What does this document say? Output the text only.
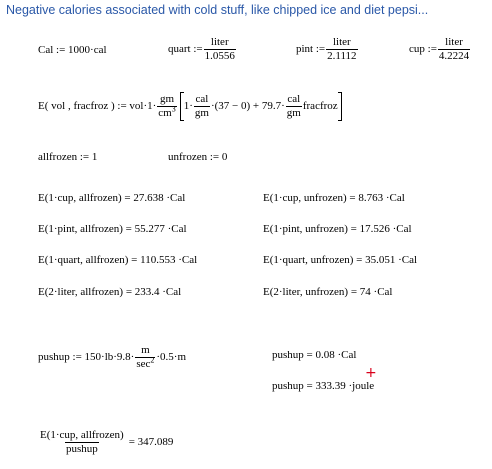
Negative calories associated with cold stuff, like chipped ice and diet pepsi...
Cal := 1000·cal	quart := $\frac{\text{liter}}{1.0556}$	pint := $\frac{\text{liter}}{2.1112}$	cup := $\frac{\text{liter}}{4.2224}$
E( vol , fracfroz ) := $vol\cdot 1\cdot \frac{gm}{cm^3} 1\cdot \frac{\text{cal}}{gm} \cdot(37 - 0) + 79.7\cdot \frac{\text{cal}}{gm}$ fracfroz
allfrozen := 1	unfrozen := 0
E(1·cup, allfrozen) = 27.638 ·Cal	E(1·cup, unfrozen) = 8.763 ·Cal
E(1·pint, allfrozen) = 55.277 ·Cal	E(1·pint, unfrozen) = 17.526 ·Cal
E(1·quart, allfrozen) = 110.553 ·Cal	E(1·quart, unfrozen) = 35.051 ·Cal
E(2·liter, allfrozen) = 233.4 ·Cal	E(2·liter, unfrozen) = 74 ·Cal
pushup := $150\cdot lb\cdot 9.8\cdot \frac{m}{\sec^2} \cdot 0.5\cdot m$	pushup = 0.08 ·Cal
pushup = 333.39 ·joule
+
$\frac{\text{E(1·cup, allfrozen)}}{\text{pushup}} = 347.089$
